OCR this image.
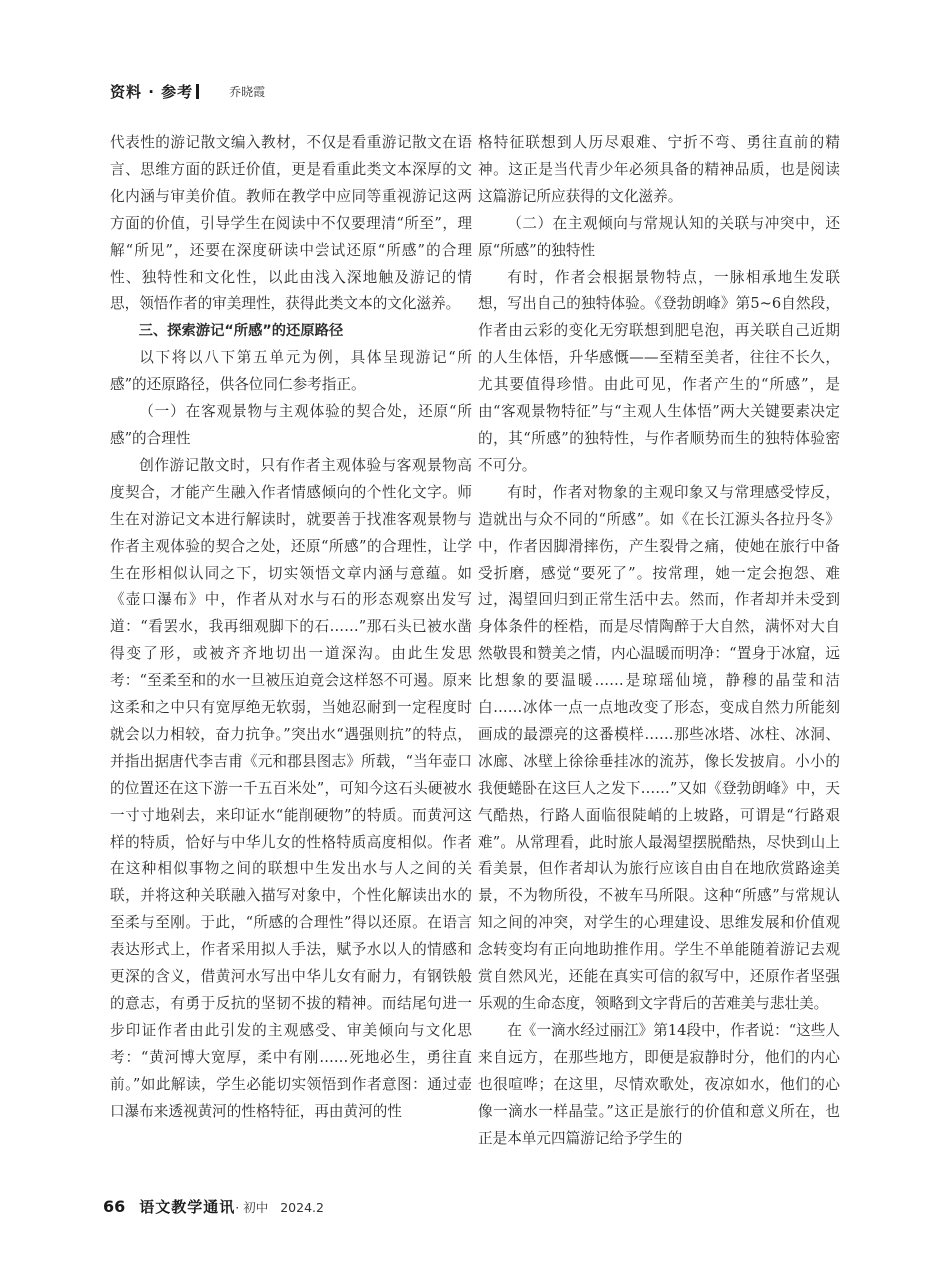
资料 · 参考	乔晓霞

代表性的游记散文编入教材，不仅是看重游记散文在语言、思维方面的跃迁价值，更是看重此类文本深厚的文化内涵与审美价值。教师在教学中应同等重视游记这两方面的价值，引导学生在阅读中不仅要理清“所至”，理解“所见”，还要在深度研读中尝试还原“所感”的合理性、独特性和文化性，以此由浅入深地触及游记的情思，领悟作者的审美理性，获得此类文本的文化滋养。

三、探索游记“所感”的还原路径

以下将以八下第五单元为例，具体呈现游记“所感”的还原路径，供各位同仁参考指正。

（一）在客观景物与主观体验的契合处，还原“所感”的合理性

创作游记散文时，只有作者主观体验与客观景物高度契合，才能产生融入作者情感倾向的个性化文字。师生在对游记文本进行解读时，就要善于找准客观景物与作者主观体验的契合之处，还原“所感”的合理性，让学生在形相似认同之下，切实领悟文章内涵与意蕴。如《壶口瀑布》中，作者从对水与石的形态观察出发写道：“看罢水，我再细观脚下的石……”那石头已被水凿得变了形，或被齐齐地切出一道深沟。由此生发思考：“至柔至和的水一旦被压迫竟会这样怒不可遏。原来这柔和之中只有宽厚绝无软弱，当她忍耐到一定程度时就会以力相较，奋力抗争。”突出水“遇强则抗”的特点，并指出据唐代李吉甫《元和郡县图志》所载，“当年壶口的位置还在这下游一千五百米处”，可知今这石头硬被水一寸寸地剁去，来印证水“能削硬物”的特质。而黄河这样的特质，恰好与中华儿女的性格特质高度相似。作者在这种相似事物之间的联想中生发出水与人之间的关联，并将这种关联融入描写对象中，个性化解读出水的至柔与至刚。于此，“所感的合理性”得以还原。在语言表达形式上，作者采用拟人手法，赋予水以人的情感和更深的含义，借黄河水写出中华儿女有耐力，有钢铁般的意志，有勇于反抗的坚韧不拔的精神。而结尾句进一步印证作者由此引发的主观感受、审美倾向与文化思考：“黄河博大宽厚，柔中有刚……死地必生，勇往直前。”如此解读，学生必能切实领悟到作者意图：通过壶口瀑布来透视黄河的性格特征，再由黄河的性

格特征联想到人历尽艰难、宁折不弯、勇往直前的精神。这正是当代青少年必须具备的精神品质，也是阅读这篇游记所应获得的文化滋养。

（二）在主观倾向与常规认知的关联与冲突中，还原“所感”的独特性

有时，作者会根据景物特点，一脉相承地生发联想，写出自己的独特体验。《登勃朗峰》第5~6自然段，作者由云彩的变化无穷联想到肥皂泡，再关联自己近期的人生体悟，升华感慨——至精至美者，往往不长久，尤其要值得珍惜。由此可见，作者产生的“所感”，是由“客观景物特征”与“主观人生体悟”两大关键要素决定的，其“所感”的独特性，与作者顺势而生的独特体验密不可分。

有时，作者对物象的主观印象又与常理感受悖反，造就出与众不同的“所感”。如《在长江源头各拉丹冬》中，作者因脚滑摔伤，产生裂骨之痛，使她在旅行中备受折磨，感觉“要死了”。按常理，她一定会抱怨、难过，渴望回归到正常生活中去。然而，作者却并未受到身体条件的桎梏，而是尽情陶醉于大自然，满怀对大自然敬畏和赞美之情，内心温暖而明净：“置身于冰窟，远比想象的要温暖……是琼瑶仙境，静穆的晶莹和洁白……冰体一点一点地改变了形态，变成自然力所能刻画成的最漂亮的这番模样……那些冰塔、冰柱、冰洞、冰廊、冰壁上徐徐垂挂冰的流苏，像长发披肩。小小的我便蜷卧在这巨人之发下……”又如《登勃朗峰》中，天气酷热，行路人面临很陡峭的上坡路，可谓是“行路艰难”。从常理看，此时旅人最渴望摆脱酷热，尽快到山上看美景，但作者却认为旅行应该自由自在地欣赏路途美景，不为物所役，不被车马所限。这种“所感”与常规认知之间的冲突，对学生的心理建设、思维发展和价值观念转变均有正向地助推作用。学生不单能随着游记去观赏自然风光，还能在真实可信的叙写中，还原作者坚强乐观的生命态度，领略到文字背后的苦难美与悲壮美。

在《一滴水经过丽江》第14段中，作者说：“这些人来自远方，在那些地方，即便是寂静时分，他们的内心也很喧哗；在这里，尽情欢歌处，夜凉如水，他们的心像一滴水一样晶莹。”这正是旅行的价值和意义所在，也正是本单元四篇游记给予学生的

66 语文教学通讯 · 初中 2024.2
